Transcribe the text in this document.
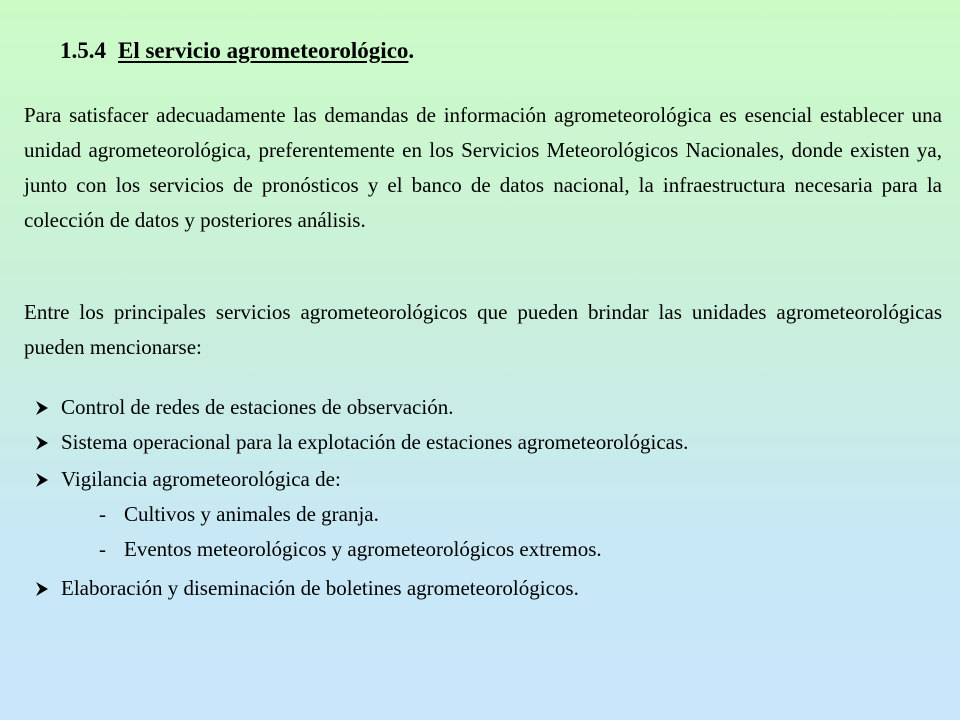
1.5.4 El servicio agrometeorológico.

Para satisfacer adecuadamente las demandas de información agrometeorológica es esencial establecer una unidad agrometeorológica, preferentemente en los Servicios Meteorológicos Nacionales, donde existen ya, junto con los servicios de pronósticos y el banco de datos nacional, la infraestructura necesaria para la colección de datos y posteriores análisis.

Entre los principales servicios agrometeorológicos que pueden brindar las unidades agrometeorológicas pueden mencionarse:

Control de redes de estaciones de observación.
Sistema operacional para la explotación de estaciones agrometeorológicas.
Vigilancia agrometeorológica de:
- Cultivos y animales de granja.
- Eventos meteorológicos y agrometeorológicos extremos.
Elaboración y diseminación de boletines agrometeorológicos.
